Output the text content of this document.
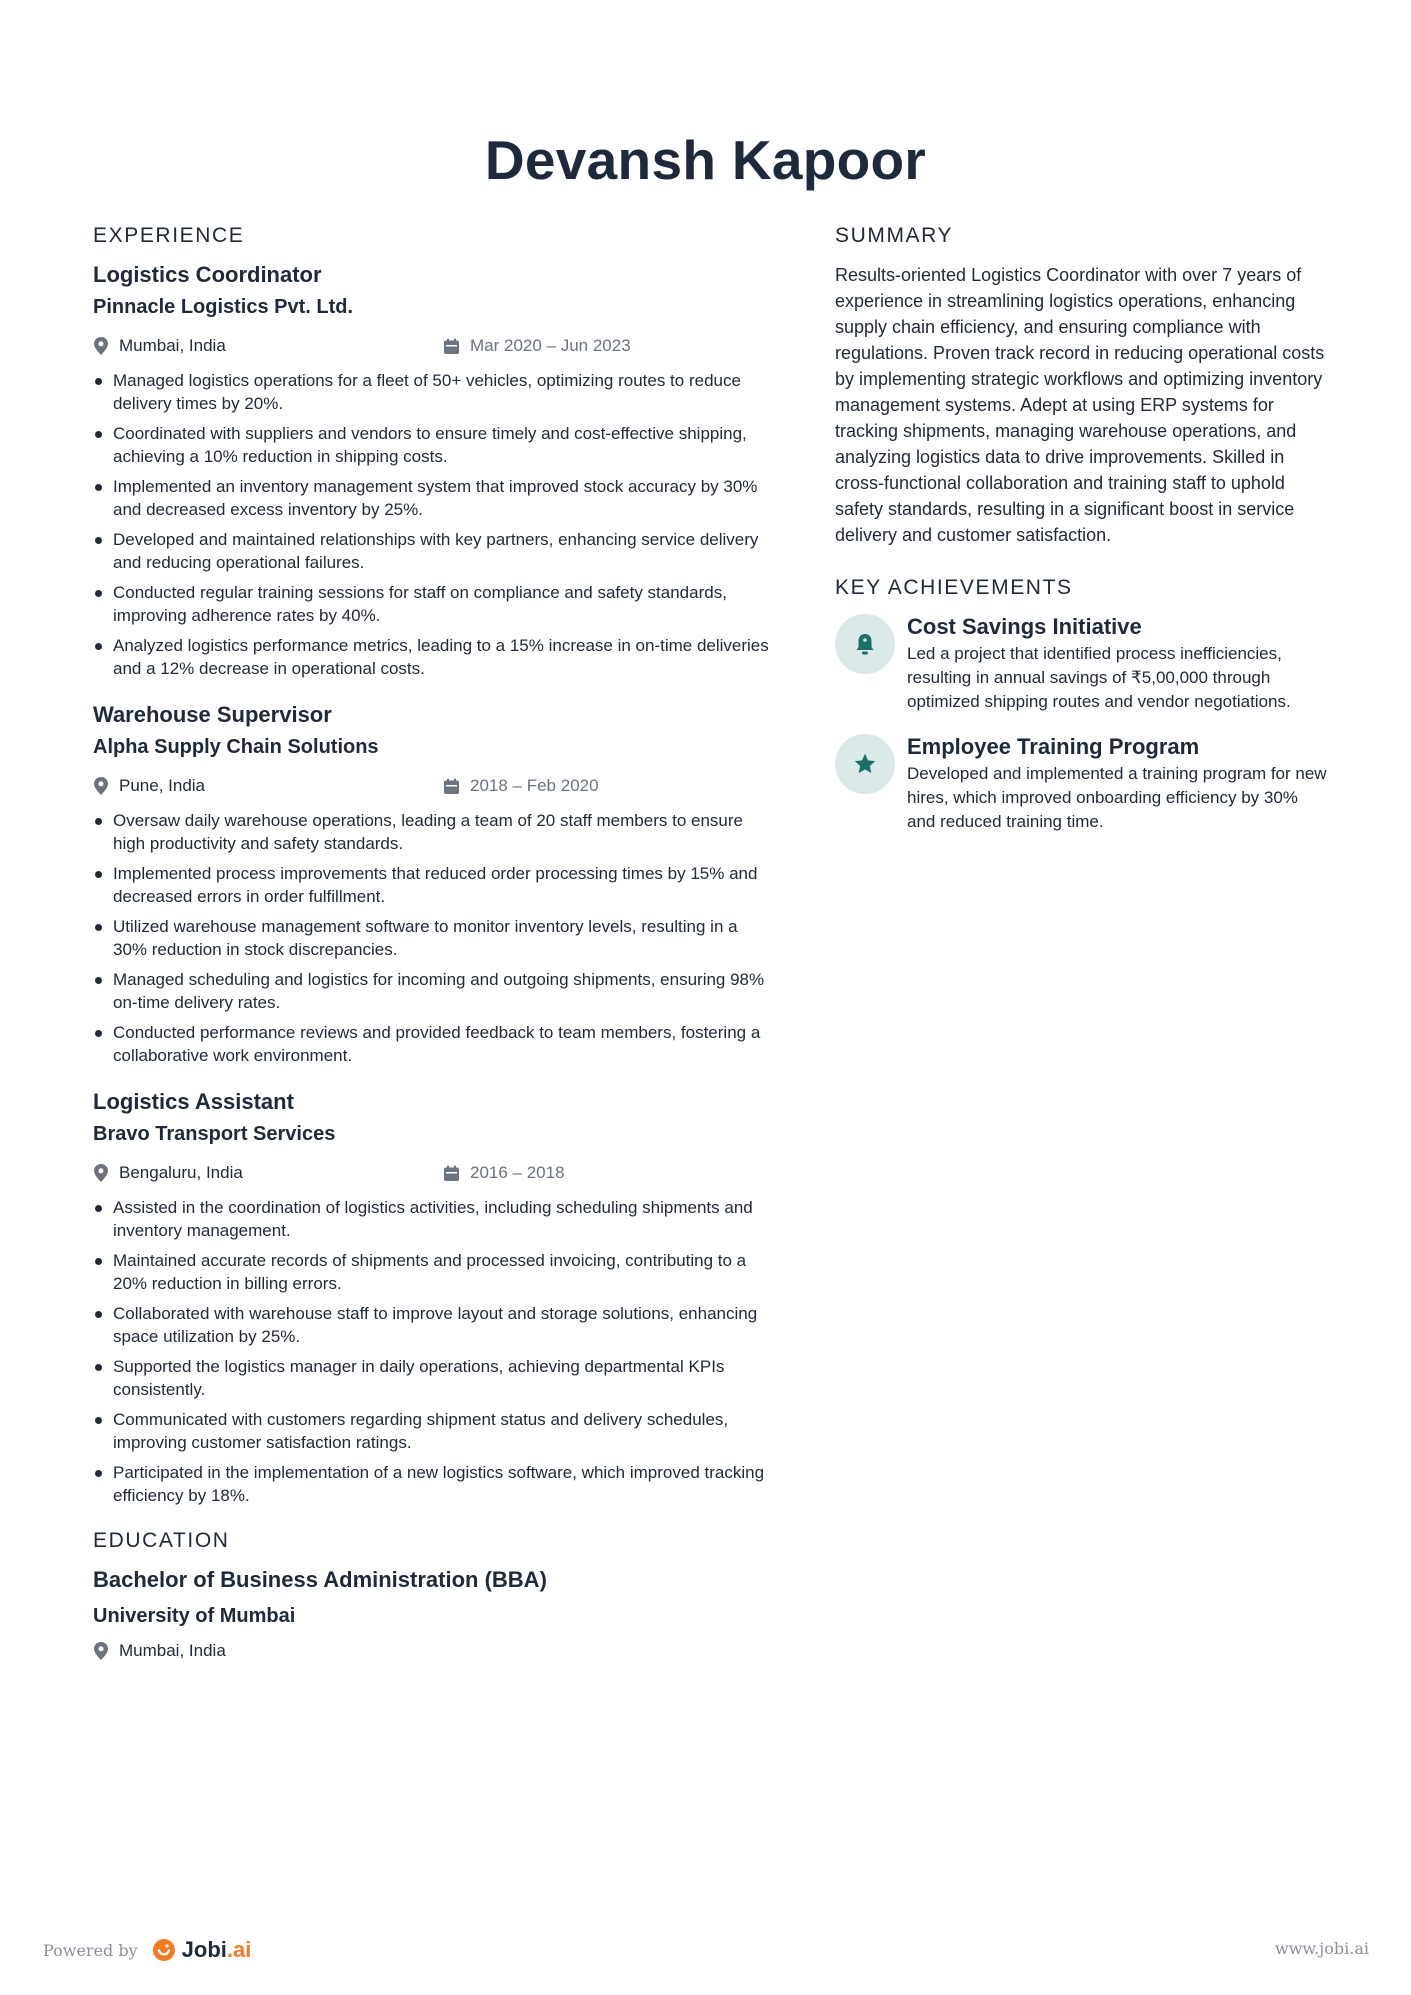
Devansh Kapoor
EXPERIENCE
Logistics Coordinator
Pinnacle Logistics Pvt. Ltd.
Mumbai, India	Mar 2020 – Jun 2023
Managed logistics operations for a fleet of 50+ vehicles, optimizing routes to reduce delivery times by 20%.
Coordinated with suppliers and vendors to ensure timely and cost-effective shipping, achieving a 10% reduction in shipping costs.
Implemented an inventory management system that improved stock accuracy by 30% and decreased excess inventory by 25%.
Developed and maintained relationships with key partners, enhancing service delivery and reducing operational failures.
Conducted regular training sessions for staff on compliance and safety standards, improving adherence rates by 40%.
Analyzed logistics performance metrics, leading to a 15% increase in on-time deliveries and a 12% decrease in operational costs.
Warehouse Supervisor
Alpha Supply Chain Solutions
Pune, India	2018 – Feb 2020
Oversaw daily warehouse operations, leading a team of 20 staff members to ensure high productivity and safety standards.
Implemented process improvements that reduced order processing times by 15% and decreased errors in order fulfillment.
Utilized warehouse management software to monitor inventory levels, resulting in a 30% reduction in stock discrepancies.
Managed scheduling and logistics for incoming and outgoing shipments, ensuring 98% on-time delivery rates.
Conducted performance reviews and provided feedback to team members, fostering a collaborative work environment.
Logistics Assistant
Bravo Transport Services
Bengaluru, India	2016 – 2018
Assisted in the coordination of logistics activities, including scheduling shipments and inventory management.
Maintained accurate records of shipments and processed invoicing, contributing to a 20% reduction in billing errors.
Collaborated with warehouse staff to improve layout and storage solutions, enhancing space utilization by 25%.
Supported the logistics manager in daily operations, achieving departmental KPIs consistently.
Communicated with customers regarding shipment status and delivery schedules, improving customer satisfaction ratings.
Participated in the implementation of a new logistics software, which improved tracking efficiency by 18%.
EDUCATION
Bachelor of Business Administration (BBA)
University of Mumbai
Mumbai, India
SUMMARY
Results-oriented Logistics Coordinator with over 7 years of experience in streamlining logistics operations, enhancing supply chain efficiency, and ensuring compliance with regulations. Proven track record in reducing operational costs by implementing strategic workflows and optimizing inventory management systems. Adept at using ERP systems for tracking shipments, managing warehouse operations, and analyzing logistics data to drive improvements. Skilled in cross-functional collaboration and training staff to uphold safety standards, resulting in a significant boost in service delivery and customer satisfaction.
KEY ACHIEVEMENTS
Cost Savings Initiative
Led a project that identified process inefficiencies, resulting in annual savings of ₹5,00,000 through optimized shipping routes and vendor negotiations.
Employee Training Program
Developed and implemented a training program for new hires, which improved onboarding efficiency by 30% and reduced training time.
Powered by Jobi .ai	www.jobi.ai
